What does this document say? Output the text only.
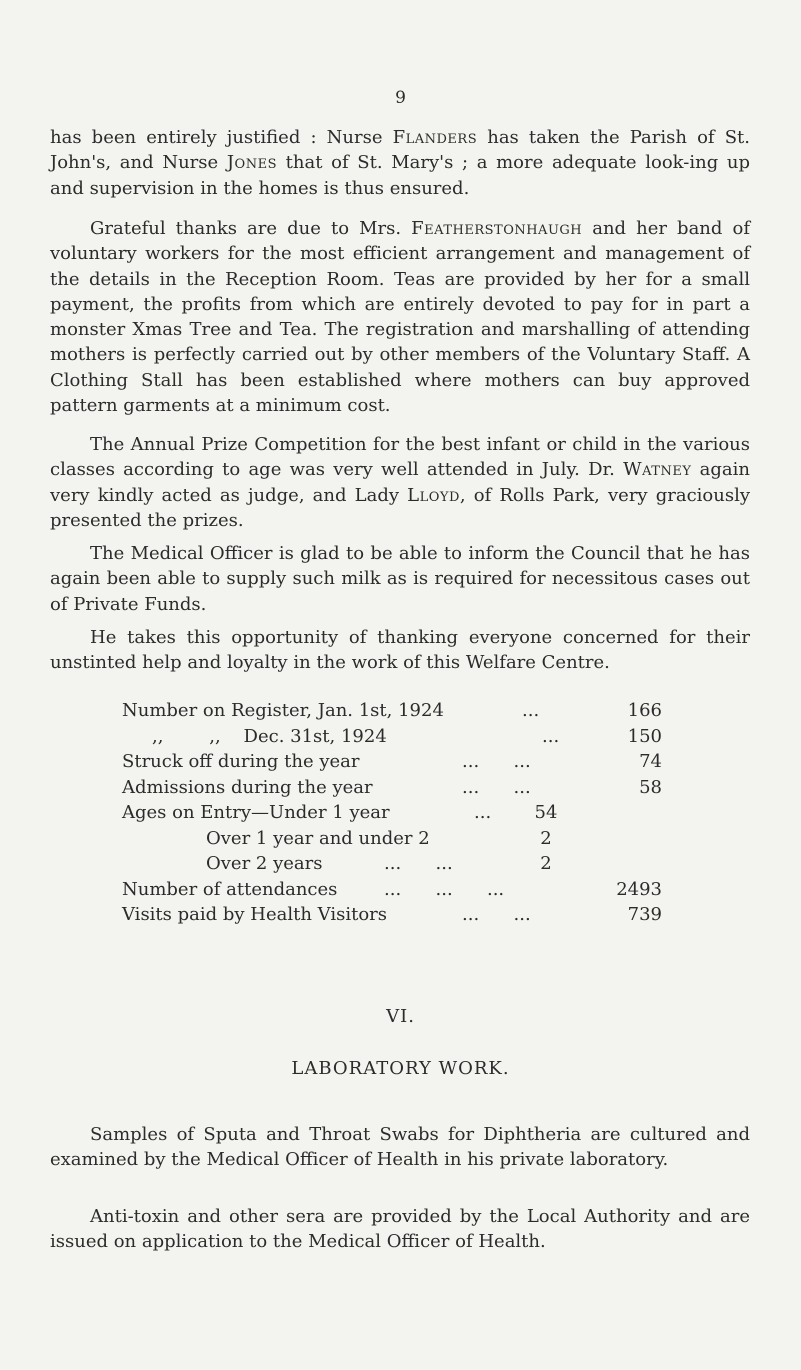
9

has been entirely justified : Nurse Flanders has taken the Parish of St. John's, and Nurse Jones that of St. Mary's ; a more adequate look-ing up and supervision in the homes is thus ensured.

Grateful thanks are due to Mrs. Featherstonhaugh and her band of voluntary workers for the most efficient arrangement and management of the details in the Reception Room. Teas are provided by her for a small payment, the profits from which are entirely devoted to pay for in part a monster Xmas Tree and Tea. The registration and marshalling of attending mothers is perfectly carried out by other members of the Voluntary Staff. A Clothing Stall has been established where mothers can buy approved pattern garments at a minimum cost.

The Annual Prize Competition for the best infant or child in the various classes according to age was very well attended in July. Dr. Watney again very kindly acted as judge, and Lady Lloyd, of Rolls Park, very graciously presented the prizes.

The Medical Officer is glad to be able to inform the Council that he has again been able to supply such milk as is required for necessitous cases out of Private Funds.

He takes this opportunity of thanking everyone concerned for their unstinted help and loyalty in the work of this Welfare Centre.

Number on Register, Jan. 1st, 1924	...	166
,,        ,,    Dec. 31st, 1924	...	150
Struck off during the year	...      ...	74
Admissions during the year	...      ...	58
Ages on Entry—Under 1 year	... 54
Over 1 year and under 2	2
Over 2 years	...      ...	2
Number of attendances	...      ...      ...	2493
Visits paid by Health Visitors	...      ...	739
VI.
LABORATORY WORK.

Samples of Sputa and Throat Swabs for Diphtheria are cultured and examined by the Medical Officer of Health in his private laboratory.

Anti-toxin and other sera are provided by the Local Authority and are issued on application to the Medical Officer of Health.
